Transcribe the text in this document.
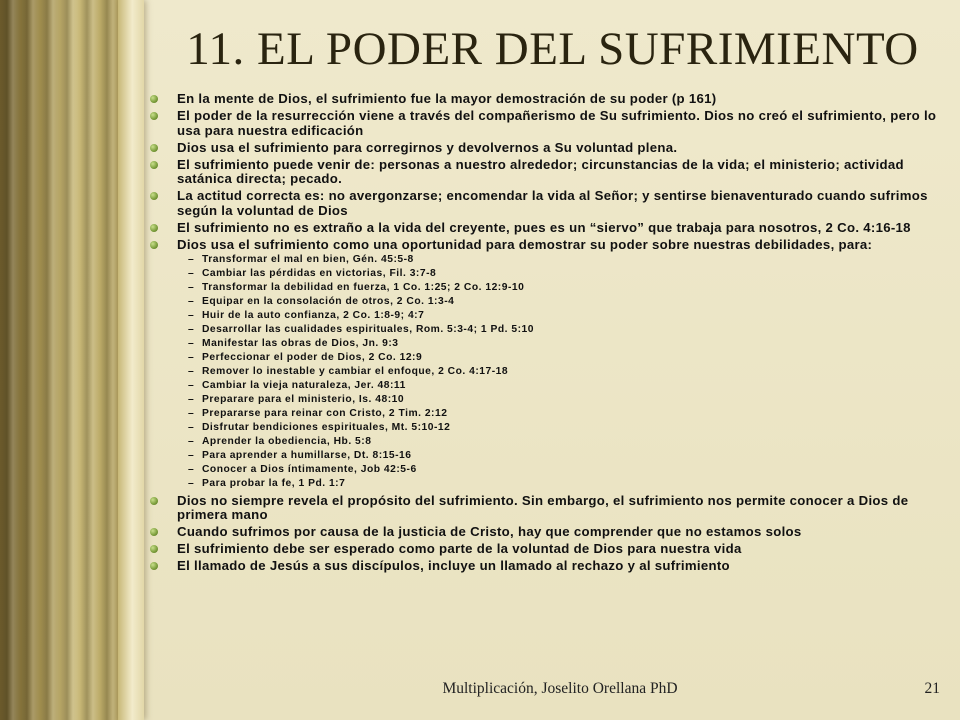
11. EL PODER DEL SUFRIMIENTO
En la mente de Dios, el sufrimiento fue la mayor demostración de su poder (p 161)
El poder de la resurrección viene a través del compañerismo de Su sufrimiento. Dios no creó el sufrimiento, pero lo usa para nuestra edificación
Dios usa el sufrimiento para corregirnos y devolvernos a Su voluntad plena.
El sufrimiento puede venir de: personas a nuestro alrededor; circunstancias de la vida; el ministerio; actividad satánica directa; pecado.
La actitud correcta es: no avergonzarse; encomendar la vida al Señor; y sentirse bienaventurado cuando sufrimos según la voluntad de Dios
El sufrimiento no es extraño a la vida del creyente, pues es un “siervo” que trabaja para nosotros, 2 Co. 4:16-18
Dios usa el sufrimiento como una oportunidad para demostrar su poder sobre nuestras debilidades, para:
– Transformar el mal en bien, Gén. 45:5-8
– Cambiar las pérdidas en victorias, Fil. 3:7-8
– Transformar la debilidad en fuerza, 1 Co. 1:25; 2 Co. 12:9-10
– Equipar en la consolación de otros, 2 Co. 1:3-4
– Huir de la auto confianza, 2 Co. 1:8-9; 4:7
– Desarrollar las cualidades espirituales, Rom. 5:3-4; 1 Pd. 5:10
– Manifestar las obras de Dios, Jn. 9:3
– Perfeccionar el poder de Dios, 2 Co. 12:9
– Remover lo inestable y cambiar el enfoque, 2 Co. 4:17-18
– Cambiar la vieja naturaleza, Jer. 48:11
– Preparare para el ministerio, Is. 48:10
– Prepararse para reinar con Cristo, 2 Tim. 2:12
– Disfrutar bendiciones espirituales, Mt. 5:10-12
– Aprender la obediencia, Hb. 5:8
– Para aprender a humillarse, Dt. 8:15-16
– Conocer a Dios íntimamente, Job 42:5-6
– Para probar la fe, 1 Pd. 1:7
Dios no siempre revela el propósito del sufrimiento. Sin embargo, el sufrimiento nos permite conocer a Dios de primera mano
Cuando sufrimos por causa de la justicia de Cristo, hay que comprender que no estamos solos
El sufrimiento debe ser esperado como parte de la voluntad de Dios para nuestra vida
El llamado de Jesús a sus discípulos, incluye un llamado al rechazo y al sufrimiento
Multiplicación, Joselito Orellana PhD	21
